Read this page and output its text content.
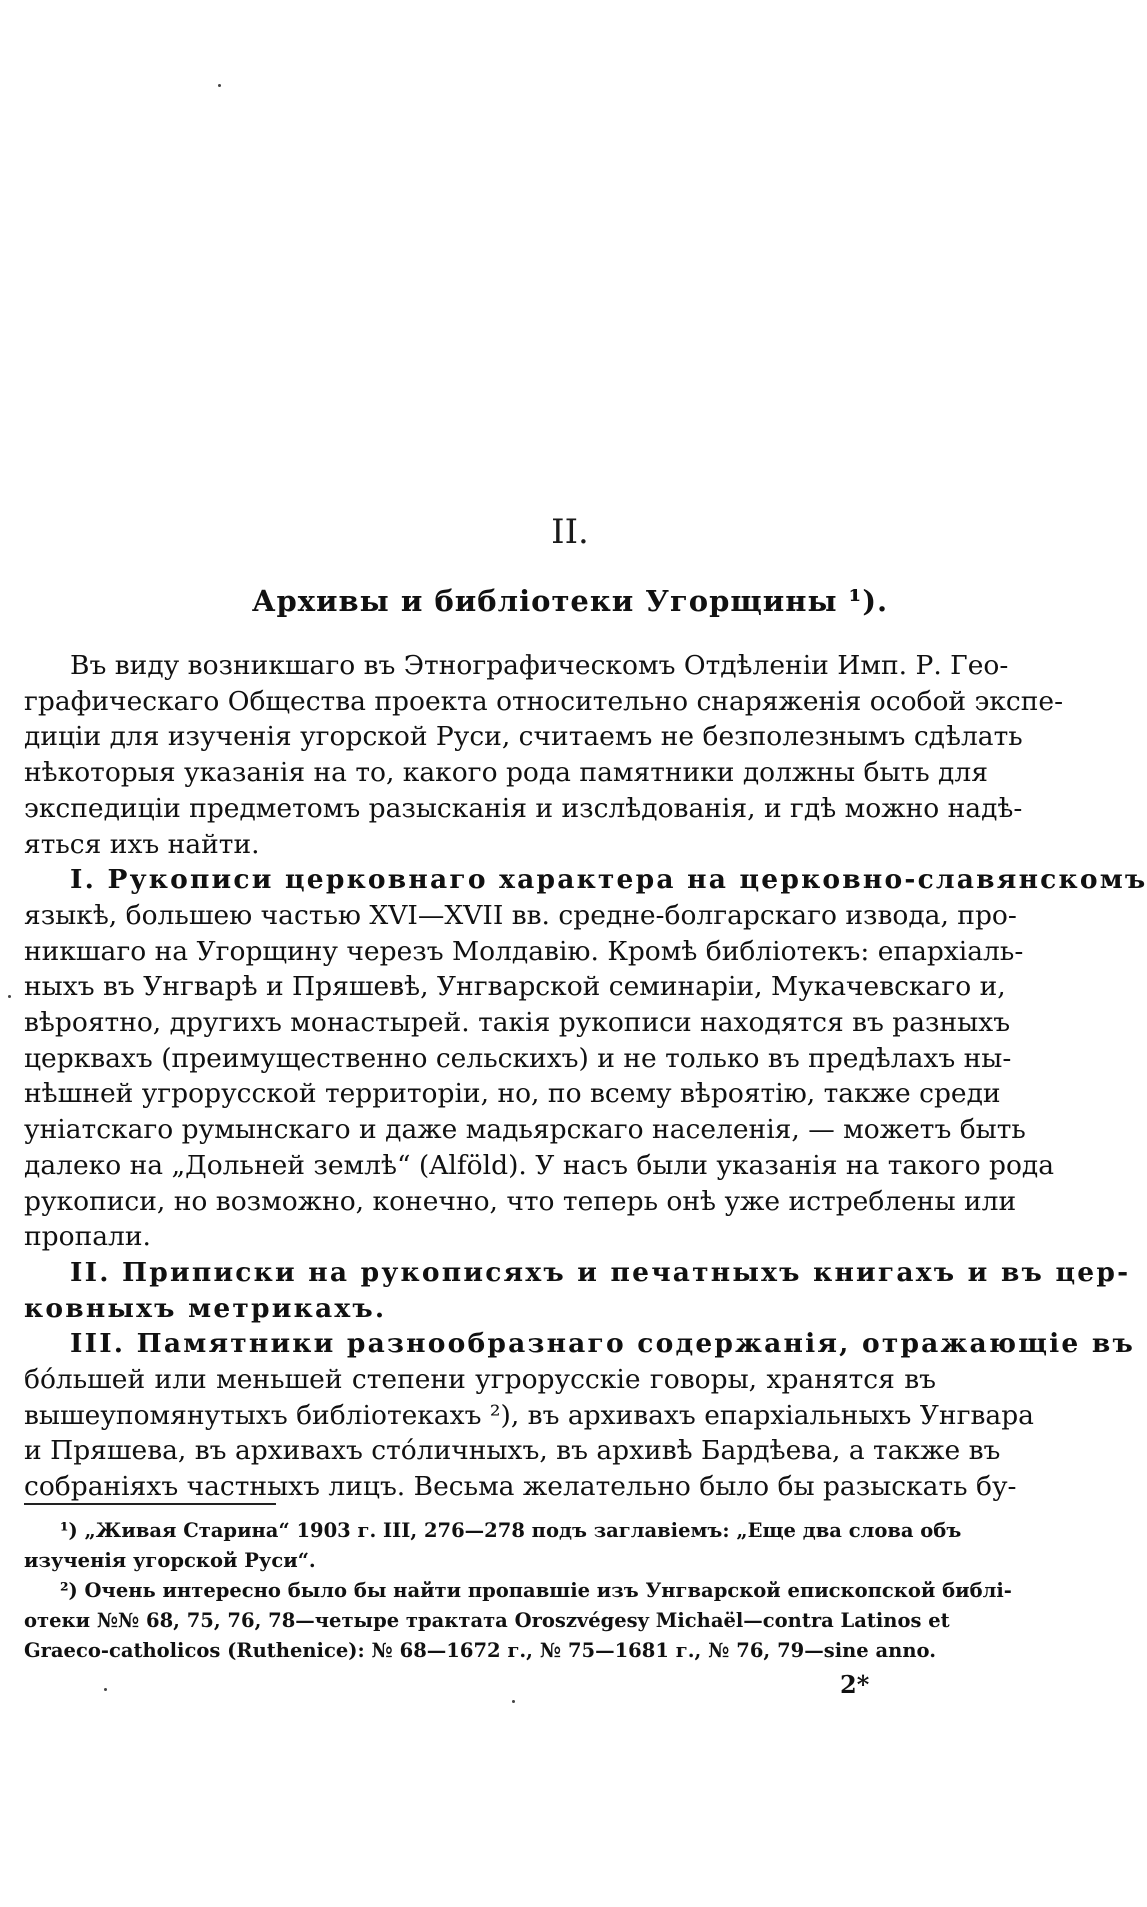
II.
Архивы и библіотеки Угорщины ¹).
Въ виду возникшаго въ Этнографическомъ Отдѣленіи Имп. Р. Гео-
графическаго Общества проекта относительно снаряженія особой экспе-
диціи для изученія угорской Руси, считаемъ не безполезнымъ сдѣлать
нѣкоторыя указанія на то, какого рода памятники должны быть для
экспедиціи предметомъ разысканія и изслѣдованія, и гдѣ можно надѣ-
яться ихъ найти.
I. Рукописи церковнаго характера на церковно-славянскомъ
языкѣ, большею частью XVI—XVII вв. средне-болгарскаго извода, про-
никшаго на Угорщину черезъ Молдавію. Кромѣ библіотекъ: епархіаль-
ныхъ въ Унгварѣ и Пряшевѣ, Унгварской семинаріи, Мукачевскаго и,
вѣроятно, другихъ монастырей. такія рукописи находятся въ разныхъ
церквахъ (преимущественно сельскихъ) и не только въ предѣлахъ ны-
нѣшней угрорусской территоріи, но, по всему вѣроятію, также среди
уніатскаго румынскаго и даже мадьярскаго населенія, — можетъ быть
далеко на „Дольней землѣ“ (Alföld). У насъ были указанія на такого рода
рукописи, но возможно, конечно, что теперь онѣ уже истреблены или
пропали.
II. Приписки на рукописяхъ и печатныхъ книгахъ и въ цер-
ковныхъ метрикахъ.
III. Памятники разнообразнаго содержанія, отражающіе въ
бо́льшей или меньшей степени угрорусскіе говоры, хранятся въ
вышеупомянутыхъ библіотекахъ ²), въ архивахъ епархіальныхъ Унгвара
и Пряшева, въ архивахъ сто́личныхъ, въ архивѣ Бардѣева, а также въ
собраніяхъ частныхъ лицъ. Весьма желательно было бы разыскать бу-
¹) „Живая Старина“ 1903 г. III, 276—278 подъ заглавіемъ: „Еще два слова объ
изученія угорской Руси“.
²) Очень интересно было бы найти пропавшіе изъ Унгварской епископской библі-
отеки №№ 68, 75, 76, 78—четыре трактата Oroszvégesy Michaël—contra Latinos et
Graeco-catholicos (Ruthenice): № 68—1672 г., № 75—1681 г., № 76, 79—sine anno.
2*
